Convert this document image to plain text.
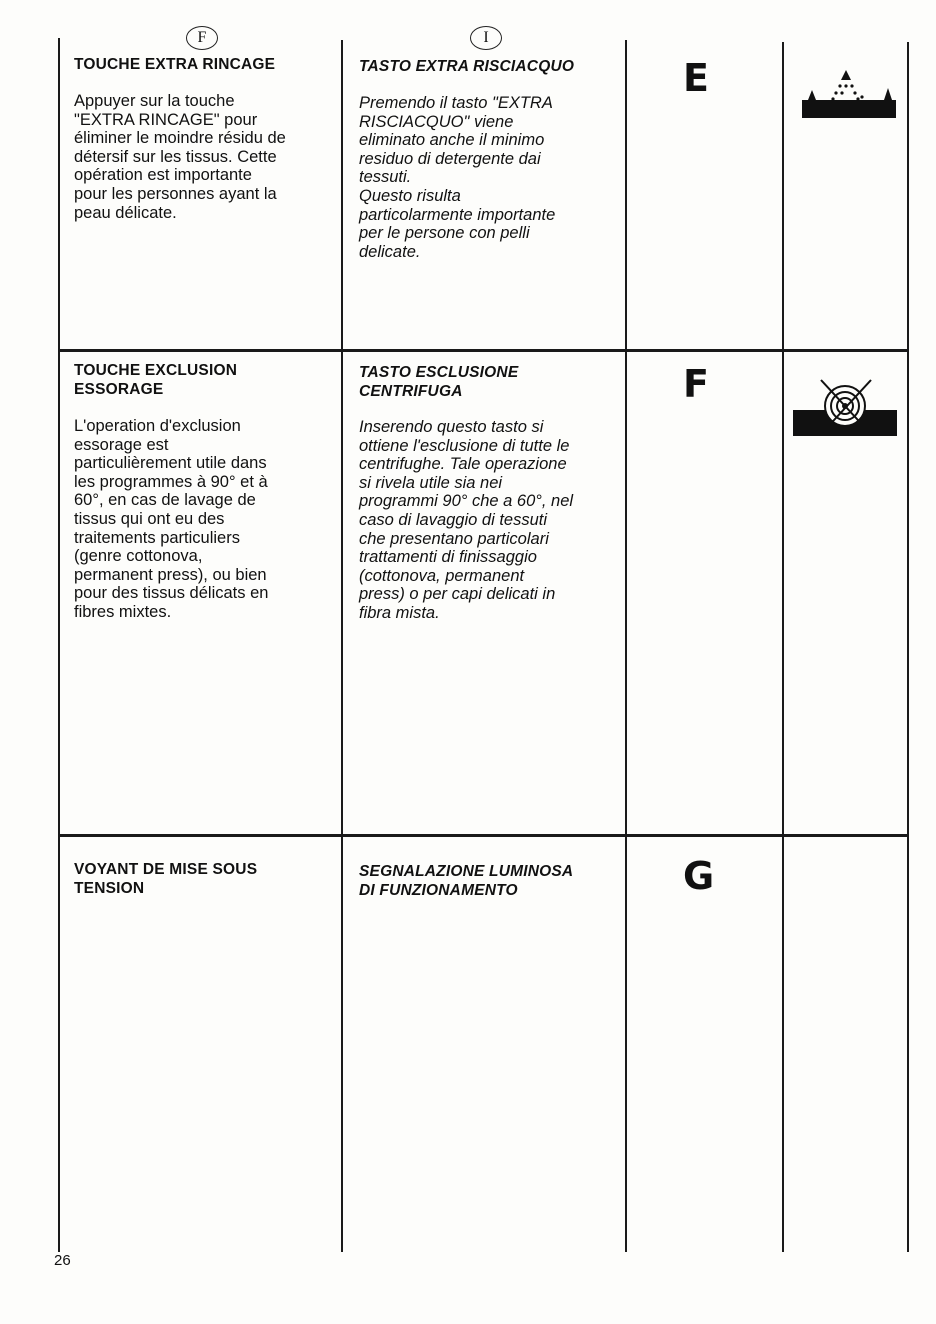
F	I
TOUCHE EXTRA RINCAGE
Appuyer sur la touche
"EXTRA RINCAGE" pour
éliminer le moindre résidu de
détersif sur les tissus. Cette
opération est importante
pour les personnes ayant la
peau délicate.
TASTO EXTRA RISCIACQUO
Premendo il tasto "EXTRA
RISCIACQUO" viene
eliminato anche il minimo
residuo di detergente dai
tessuti.
Questo risulta
particolarmente importante
per le persone con pelli
delicate.
E
TOUCHE EXCLUSION
ESSORAGE
L'operation d'exclusion
essorage est
particulièrement utile dans
les programmes à 90° et à
60°, en cas de lavage de
tissus qui ont eu des
traitements particuliers
(genre cottonova,
permanent press), ou bien
pour des tissus délicats en
fibres mixtes.
TASTO ESCLUSIONE
CENTRIFUGA
Inserendo questo tasto si
ottiene l'esclusione di tutte le
centrifughe. Tale operazione
si rivela utile sia nei
programmi 90° che a 60°, nel
caso di lavaggio di tessuti
che presentano particolari
trattamenti di finissaggio
(cottonova, permanent
press) o per capi delicati in
fibra mista.
F
VOYANT DE MISE SOUS
TENSION
SEGNALAZIONE LUMINOSA
DI FUNZIONAMENTO	G
26
